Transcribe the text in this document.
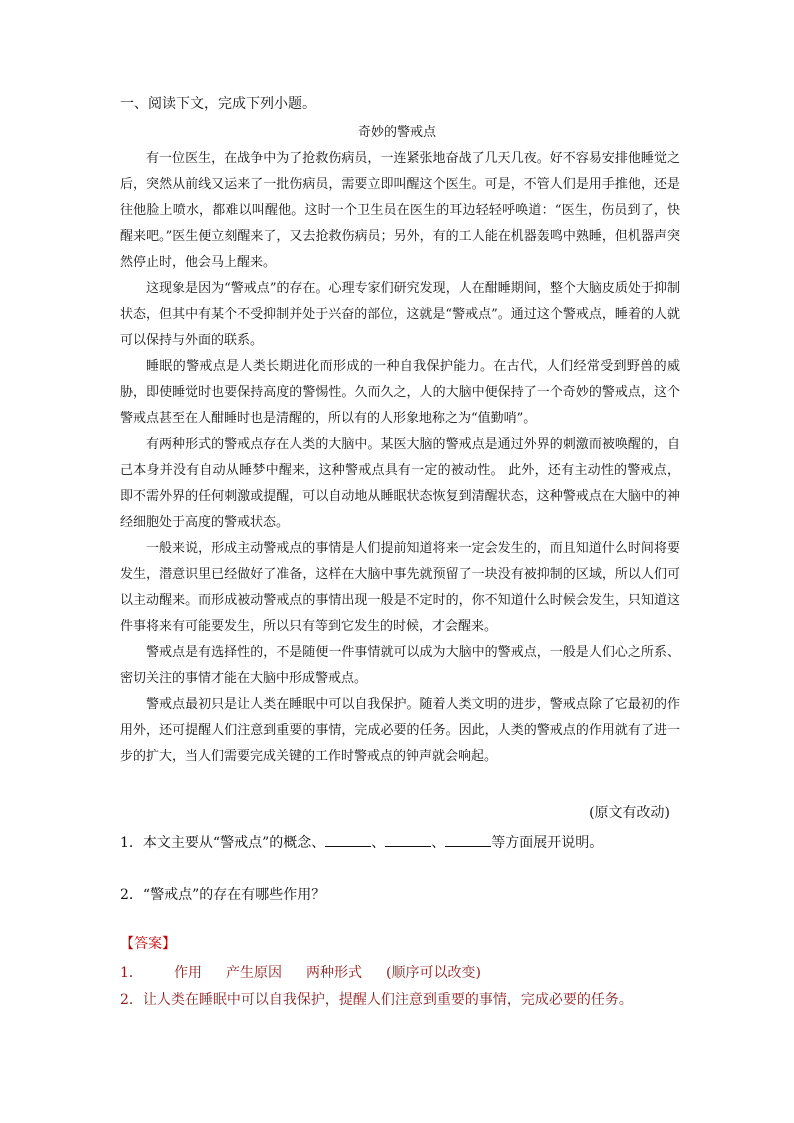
一、阅读下文，完成下列小题。
奇妙的警戒点

有一位医生，在战争中为了抢救伤病员，一连紧张地奋战了几天几夜。好不容易安排他睡觉之后，突然从前线又运来了一批伤病员，需要立即叫醒这个医生。可是，不管人们是用手推他，还是往他脸上喷水，都难以叫醒他。这时一个卫生员在医生的耳边轻轻呼唤道：“医生，伤员到了，快醒来吧。”医生便立刻醒来了，又去抢救伤病员；另外，有的工人能在机器轰鸣中熟睡，但机器声突然停止时，他会马上醒来。

这现象是因为“警戒点”的存在。心理专家们研究发现，人在酣睡期间，整个大脑皮质处于抑制状态，但其中有某个不受抑制并处于兴奋的部位，这就是“警戒点”。通过这个警戒点，睡着的人就可以保持与外面的联系。

睡眠的警戒点是人类长期进化而形成的一种自我保护能力。在古代，人们经常受到野兽的威胁，即使睡觉时也要保持高度的警惕性。久而久之，人的大脑中便保持了一个奇妙的警戒点，这个警戒点甚至在人酣睡时也是清醒的，所以有的人形象地称之为“值勤哨”。

有两种形式的警戒点存在人类的大脑中。某医大脑的警戒点是通过外界的刺激而被唤醒的，自己本身并没有自动从睡梦中醒来，这种警戒点具有一定的被动性。 此外，还有主动性的警戒点，即不需外界的任何刺激或提醒，可以自动地从睡眠状态恢复到清醒状态，这种警戒点在大脑中的神经细胞处于高度的警戒状态。

一般来说，形成主动警戒点的事情是人们提前知道将来一定会发生的，而且知道什么时间将要发生，潜意识里已经做好了准备，这样在大脑中事先就预留了一块没有被抑制的区域，所以人们可以主动醒来。而形成被动警戒点的事情出现一般是不定时的，你不知道什么时候会发生，只知道这件事将来有可能要发生，所以只有等到它发生的时候，才会醒来。

警戒点是有选择性的，不是随便一件事情就可以成为大脑中的警戒点，一般是人们心之所系、密切关注的事情才能在大脑中形成警戒点。

警戒点最初只是让人类在睡眠中可以自我保护。随着人类文明的进步，警戒点除了它最初的作用外，还可提醒人们注意到重要的事情，完成必要的任务。因此，人类的警戒点的作用就有了进一步的扩大，当人们需要完成关键的工作时警戒点的钟声就会响起。

(原文有改动)
1．本文主要从“警戒点”的概念、	、	、	等方面展开说明。
2．“警戒点”的存在有哪些作用？
【答案】
1． 作用 产生原因 两种形式 (顺序可以改变)
2．让人类在睡眠中可以自我保护，提醒人们注意到重要的事情，完成必要的任务。
